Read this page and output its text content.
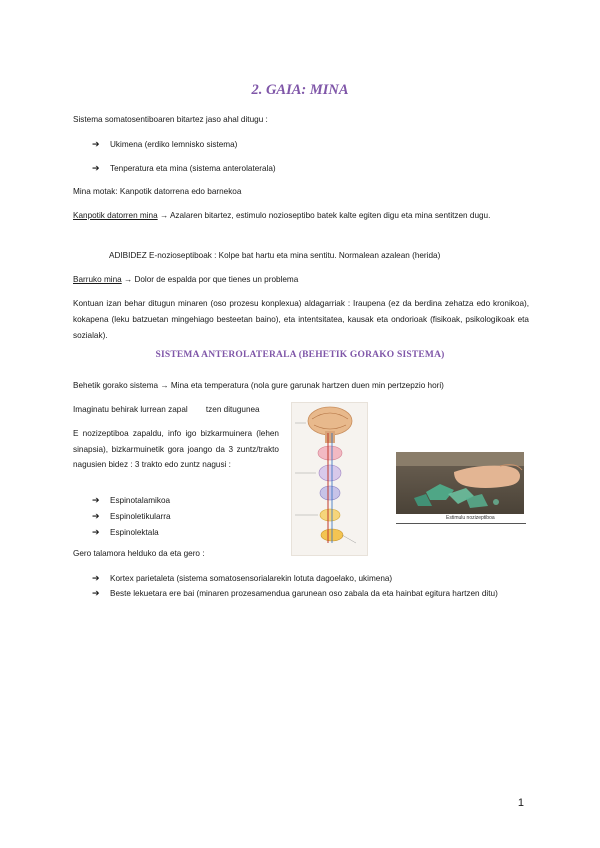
2. GAIA: MINA
Sistema somatosentiboaren bitartez jaso ahal ditugu :
➔ Ukimena (erdiko lemnisko sistema)
➔ Tenperatura eta mina (sistema anterolaterala)
Mina motak: Kanpotik datorrena edo barnekoa
Kanpotik datorren mina → Azalaren bitartez, estimulo nozioseptibo batek kalte egiten digu eta mina sentitzen dugu.
ADIBIDEZ E-nozioseptiboak : Kolpe bat hartu eta mina sentitu. Normalean azalean (herida)
Barruko mina → Dolor de espalda por que tienes un problema
Kontuan izan behar ditugun minaren (oso prozesu konplexua) aldagarriak : Iraupena (ez da berdina zehatza edo kronikoa), kokapena (leku batzuetan mingehiago besteetan baino), eta intentsitatea, kausak eta ondorioak (fisikoak, psikologikoak eta sozialak).
SISTEMA ANTEROLATERALA (BEHETIK GORAKO SISTEMA)
Behetik gorako sistema → Mina eta temperatura (nola gure garunak hartzen duen min pertzepzio hori)
Imaginatu behirak lurrean zapal        tzen ditugunea
E nozizeptiboa zapaldu, info igo bizkarmuinera (lehen sinapsia), bizkarmuinetik gora joango da 3 zuntz/trakto nagusien bidez : 3 trakto edo zuntz nagusi :
➔ Espinotalamikoa
➔ Espinoletikularra
➔ Espinolektala
Estimulu nozizeptiboa
Gero talamora helduko da eta gero :
➔ Kortex parietaleta (sistema somatosensorialarekin lotuta dagoelako, ukimena)
➔	Beste lekuetara ere bai (minaren prozesamendua garunean oso zabala da eta hainbat egitura hartzen ditu)
1
